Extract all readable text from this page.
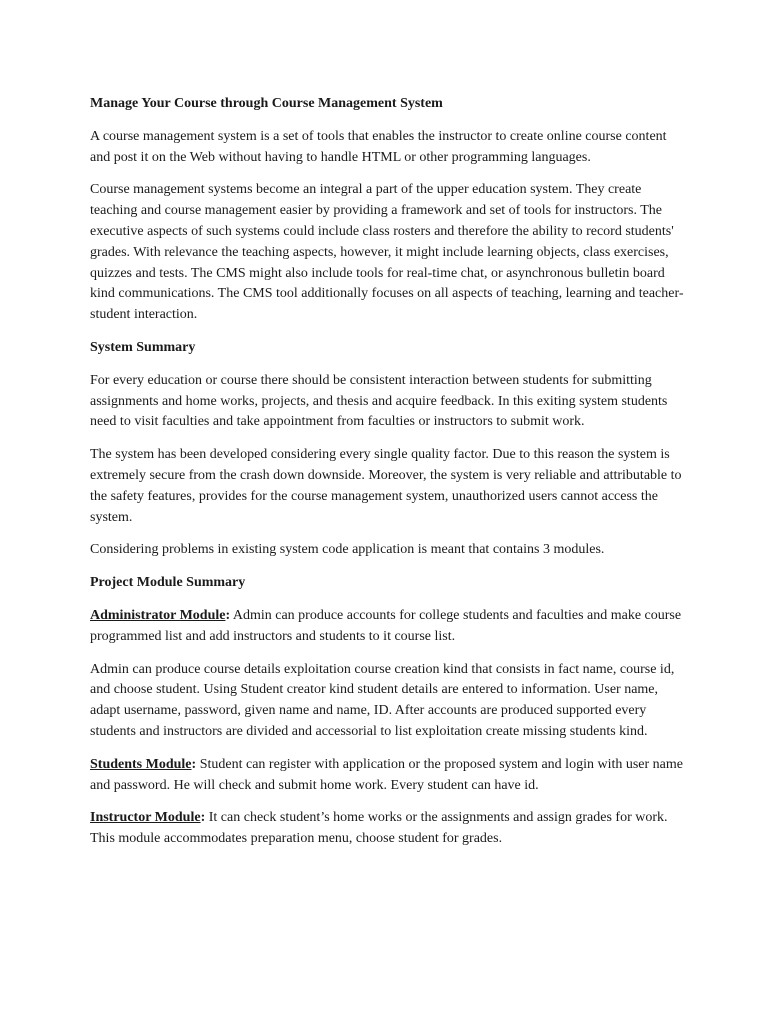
Manage Your Course through Course Management System

A course management system is a set of tools that enables the instructor to create online course content and post it on the Web without having to handle HTML or other programming languages.

Course management systems become an integral a part of the upper education system. They create teaching and course management easier by providing a framework and set of tools for instructors. The executive aspects of such systems could include class rosters and therefore the ability to record students' grades. With relevance the teaching aspects, however, it might include learning objects, class exercises, quizzes and tests. The CMS might also include tools for real-time chat, or asynchronous bulletin board kind communications. The CMS tool additionally focuses on all aspects of teaching, learning and teacher-student interaction.

System Summary

For every education or course there should be consistent interaction between students for submitting assignments and home works, projects, and thesis and acquire feedback. In this exiting system students need to visit faculties and take appointment from faculties or instructors to submit work.

The system has been developed considering every single quality factor. Due to this reason the system is extremely secure from the crash down downside. Moreover, the system is very reliable and attributable to the safety features, provides for the course management system, unauthorized users cannot access the system.

Considering problems in existing system code application is meant that contains 3 modules.

Project Module Summary

Administrator Module: Admin can produce accounts for college students and faculties and make course programmed list and add instructors and students to it course list.

Admin can produce course details exploitation course creation kind that consists in fact name, course id, and choose student. Using Student creator kind student details are entered to information. User name, adapt username, password, given name and name, ID. After accounts are produced supported every students and instructors are divided and accessorial to list exploitation create missing students kind.

Students Module: Student can register with application or the proposed system and login with user name and password. He will check and submit home work. Every student can have id.

Instructor Module: It can check student’s home works or the assignments and assign grades for work. This module accommodates preparation menu, choose student for grades.
